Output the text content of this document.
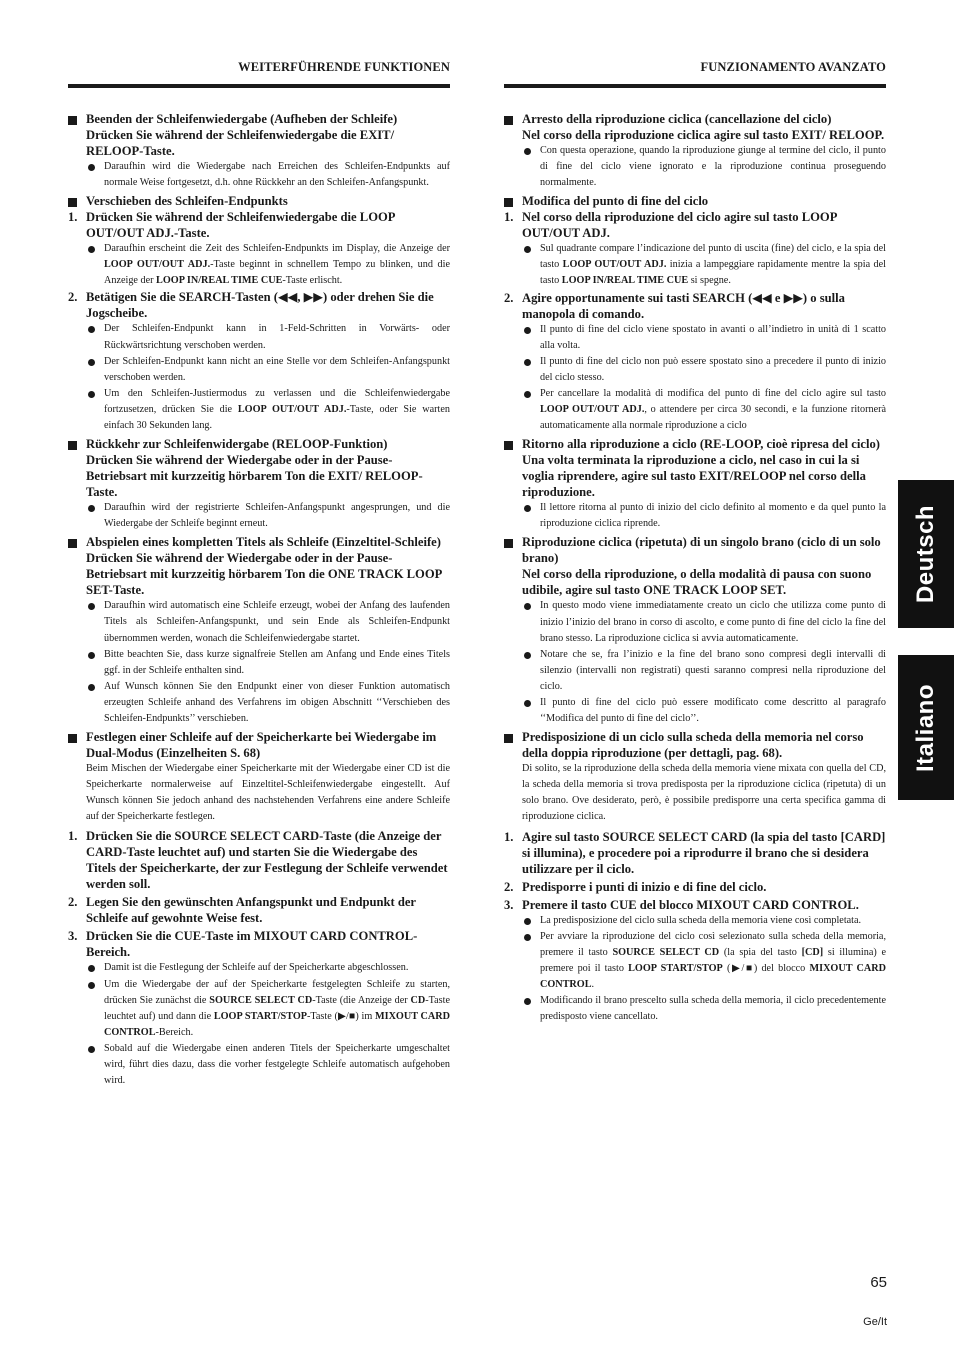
WEITERFÜHRENDE FUNKTIONEN
Beenden der Schleifenwiedergabe (Aufheben der Schleife)
Drücken Sie während der Schleifenwiedergabe die EXIT/ RELOOP-Taste.
Daraufhin wird die Wiedergabe nach Erreichen des Schleifen-Endpunkts auf normale Weise fortgesetzt, d.h. ohne Rückkehr an den Schleifen-Anfangspunkt.
Verschieben des Schleifen-Endpunkts
1. Drücken Sie während der Schleifenwiedergabe die LOOP OUT/OUT ADJ.-Taste.
Daraufhin erscheint die Zeit des Schleifen-Endpunkts im Display, die Anzeige der LOOP OUT/OUT ADJ.-Taste beginnt in schnellem Tempo zu blinken, und die Anzeige der LOOP IN/REAL TIME CUE-Taste erlischt.
2. Betätigen Sie die SEARCH-Tasten (◀◀, ▶▶) oder drehen Sie die Jogscheibe.
Der Schleifen-Endpunkt kann in 1-Feld-Schritten in Vorwärts- oder Rückwärtsrichtung verschoben werden.
Der Schleifen-Endpunkt kann nicht an eine Stelle vor dem Schleifen-Anfangspunkt verschoben werden.
Um den Schleifen-Justiermodus zu verlassen und die Schleifenwiedergabe fortzusetzen, drücken Sie die LOOP OUT/OUT ADJ.-Taste, oder Sie warten einfach 30 Sekunden lang.
Rückkehr zur Schleifenwidergabe (RELOOP-Funktion)
Drücken Sie während der Wiedergabe oder in der Pause-Betriebsart mit kurzzeitig hörbarem Ton die EXIT/ RELOOP-Taste.
Daraufhin wird der registrierte Schleifen-Anfangspunkt angesprungen, und die Wiedergabe der Schleife beginnt erneut.
Abspielen eines kompletten Titels als Schleife (Einzeltitel-Schleife)
Drücken Sie während der Wiedergabe oder in der Pause-Betriebsart mit kurzzeitig hörbarem Ton die ONE TRACK LOOP SET-Taste.
Daraufhin wird automatisch eine Schleife erzeugt, wobei der Anfang des laufenden Titels als Schleifen-Anfangspunkt, und sein Ende als Schleifen-Endpunkt übernommen werden, wonach die Schleifenwiedergabe startet.
Bitte beachten Sie, dass kurze signalfreie Stellen am Anfang und Ende eines Titels ggf. in der Schleife enthalten sind.
Auf Wunsch können Sie den Endpunkt einer von dieser Funktion automatisch erzeugten Schleife anhand des Verfahrens im obigen Abschnitt ‘‘Verschieben des Schleifen-Endpunkts’’ verschieben.
Festlegen einer Schleife auf der Speicherkarte bei Wiedergabe im Dual-Modus (Einzelheiten S. 68)
Beim Mischen der Wiedergabe einer Speicherkarte mit der Wiedergabe einer CD ist die Speicherkarte normalerweise auf Einzeltitel-Schleifenwiedergabe eingestellt. Auf Wunsch können Sie jedoch anhand des nachstehenden Verfahrens eine andere Schleife auf der Speicherkarte festlegen.
1. Drücken Sie die SOURCE SELECT CARD-Taste (die Anzeige der CARD-Taste leuchtet auf) und starten Sie die Wiedergabe des Titels der Speicherkarte, der zur Festlegung der Schleife verwendet werden soll.
2. Legen Sie den gewünschten Anfangspunkt und Endpunkt der Schleife auf gewohnte Weise fest.
3. Drücken Sie die CUE-Taste im MIXOUT CARD CONTROL-Bereich.
Damit ist die Festlegung der Schleife auf der Speicherkarte abgeschlossen.
Um die Wiedergabe der auf der Speicherkarte festgelegten Schleife zu starten, drücken Sie zunächst die SOURCE SELECT CD-Taste (die Anzeige der CD-Taste leuchtet auf) und dann die LOOP START/STOP-Taste (▶/■) im MIXOUT CARD CONTROL-Bereich.
Sobald auf die Wiedergabe einen anderen Titels der Speicherkarte umgeschaltet wird, führt dies dazu, dass die vorher festgelegte Schleife automatisch aufgehoben wird.
FUNZIONAMENTO AVANZATO
Arresto della riproduzione ciclica (cancellazione del ciclo)
Nel corso della riproduzione ciclica agire sul tasto EXIT/ RELOOP.
Con questa operazione, quando la riproduzione giunge al termine del ciclo, il punto di fine del ciclo viene ignorato e la riproduzione continua proseguendo normalmente.
Modifica del punto di fine del ciclo
1. Nel corso della riproduzione del ciclo agire sul tasto LOOP OUT/OUT ADJ.
Sul quadrante compare l’indicazione del punto di uscita (fine) del ciclo, e la spia del tasto LOOP OUT/OUT ADJ. inizia a lampeggiare rapidamente mentre la spia del tasto LOOP IN/REAL TIME CUE si spegne.
2. Agire opportunamente sui tasti SEARCH (◀◀ e ▶▶) o sulla manopola di comando.
Il punto di fine del ciclo viene spostato in avanti o all’indietro in unità di 1 scatto alla volta.
Il punto di fine del ciclo non può essere spostato sino a precedere il punto di inizio del ciclo stesso.
Per cancellare la modalità di modifica del punto di fine del ciclo agire sul tasto LOOP OUT/OUT ADJ., o attendere per circa 30 secondi, e la funzione ritornerà automaticamente alla normale riproduzione a ciclo
Ritorno alla riproduzione a ciclo (RE-LOOP, cioè ripresa del ciclo)
Una volta terminata la riproduzione a ciclo, nel caso in cui la si voglia riprendere, agire sul tasto EXIT/RELOOP nel corso della riproduzione.
Il lettore ritorna al punto di inizio del ciclo definito al momento e da quel punto la riproduzione ciclica riprende.
Riproduzione ciclica (ripetuta) di un singolo brano (ciclo di un solo brano)
Nel corso della riproduzione, o della modalità di pausa con suono udibile, agire sul tasto ONE TRACK LOOP SET.
In questo modo viene immediatamente creato un ciclo che utilizza come punto di inizio l’inizio del brano in corso di ascolto, e come punto di fine del ciclo la fine del brano stesso. La riproduzione ciclica si avvia automaticamente.
Notare che se, fra l’inizio e la fine del brano sono compresi degli intervalli di silenzio (intervalli non registrati) questi saranno compresi nella riproduzione del ciclo.
Il punto di fine del ciclo può essere modificato come descritto al paragrafo ‘‘Modifica del punto di fine del ciclo’’.
Predisposizione di un ciclo sulla scheda della memoria nel corso della doppia riproduzione (per dettagli, pag. 68).
Di solito, se la riproduzione della scheda della memoria viene mixata con quella del CD, la scheda della memoria si trova predisposta per la riproduzione ciclica (ripetuta) di un solo brano. Ove desiderato, però, è possibile predisporre una certa specifica gamma di riproduzione ciclica.
1. Agire sul tasto SOURCE SELECT CARD (la spia del tasto [CARD] si illumina), e procedere poi a riprodurre il brano che si desidera utilizzare per il ciclo.
2. Predisporre i punti di inizio e di fine del ciclo.
3. Premere il tasto CUE del blocco MIXOUT CARD CONTROL.
La predisposizione del ciclo sulla scheda della memoria viene così completata.
Per avviare la riproduzione del ciclo così selezionato sulla scheda della memoria, premere il tasto SOURCE SELECT CD (la spia del tasto [CD] si illumina) e premere poi il tasto LOOP START/STOP (▶/■) del blocco MIXOUT CARD CONTROL.
Modificando il brano prescelto sulla scheda della memoria, il ciclo precedentemente predisposto viene cancellato.
Deutsch
Italiano
65
Ge/It
